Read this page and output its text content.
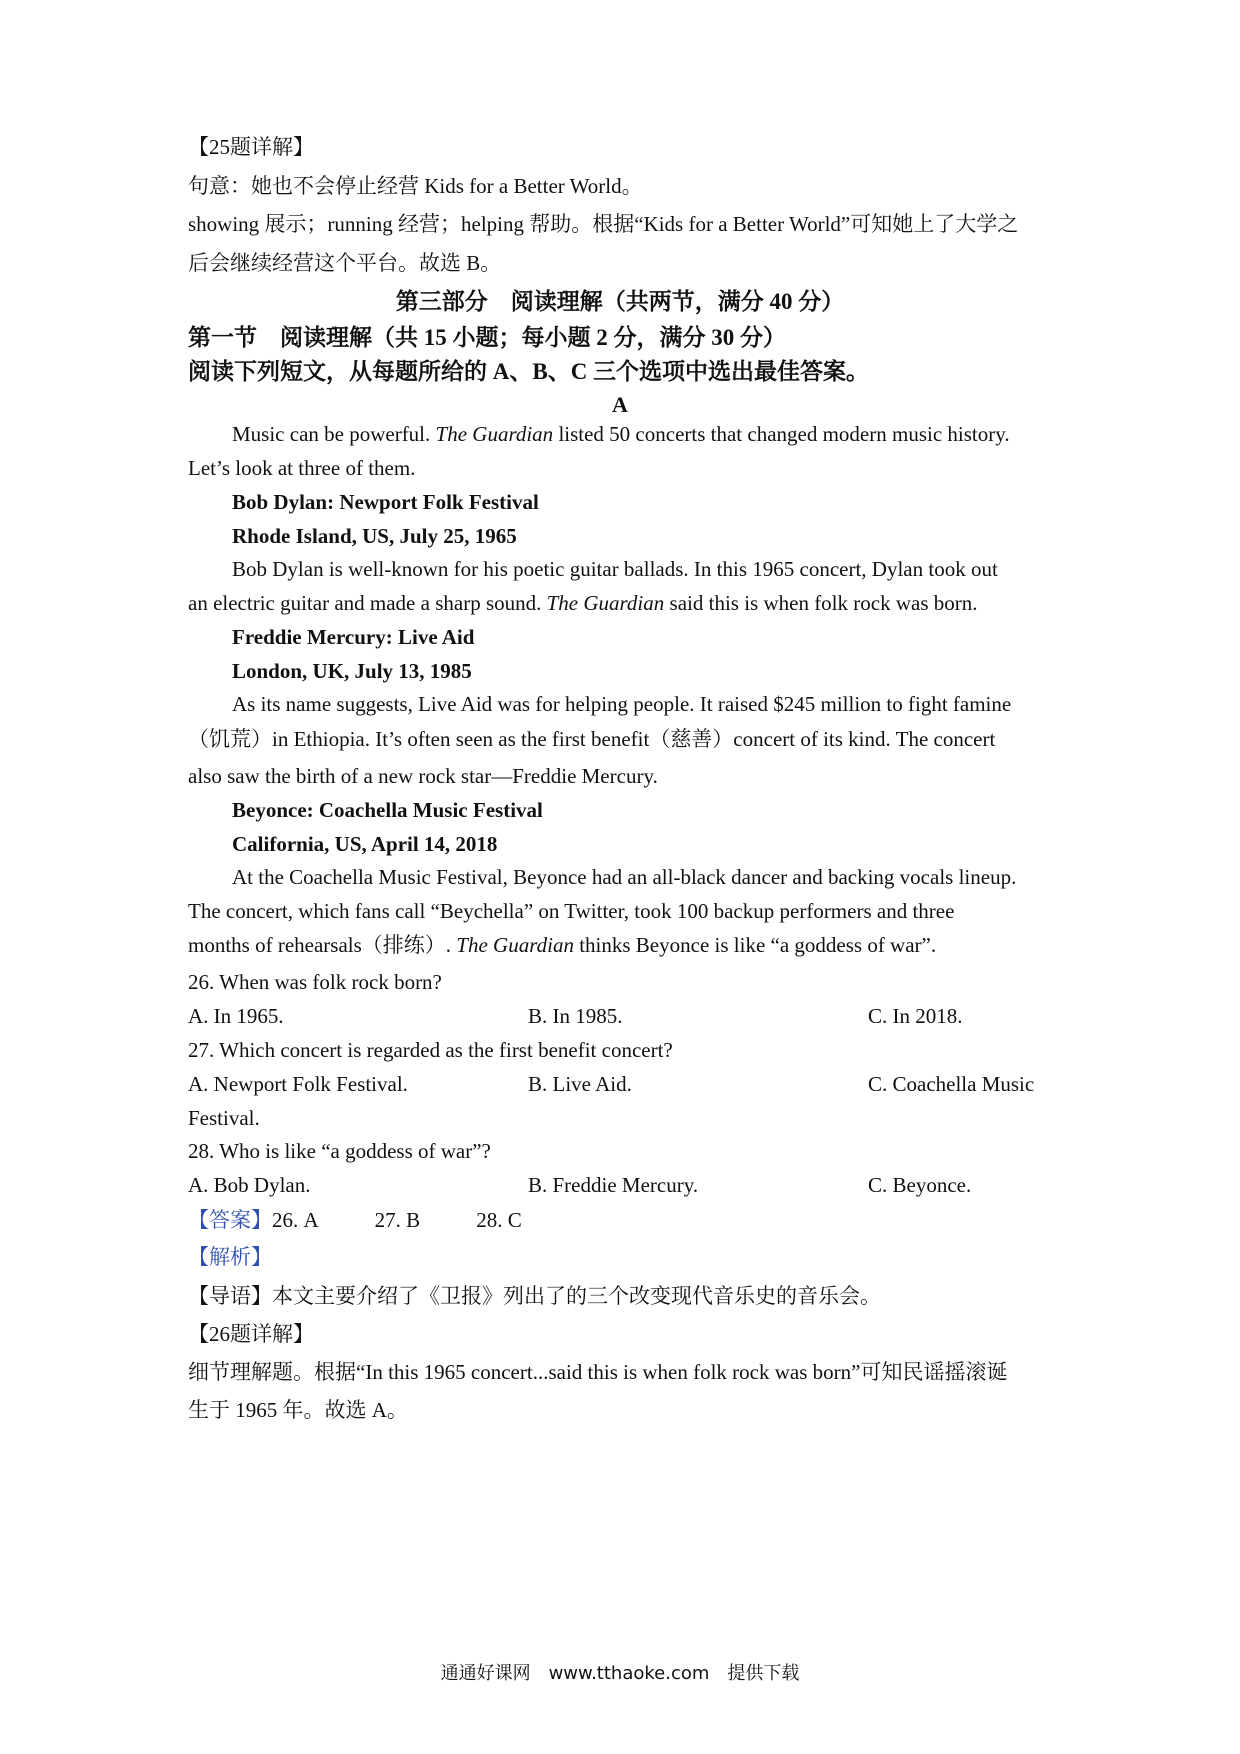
【25题详解】
句意：她也不会停止经营 Kids for a Better World。
showing 展示；running 经营；helping 帮助。根据“Kids for a Better World”可知她上了大学之
后会继续经营这个平台。故选 B。
第三部分　阅读理解（共两节，满分 40 分）
第一节　阅读理解（共 15 小题；每小题 2 分，满分 30 分）
阅读下列短文，从每题所给的 A、B、C 三个选项中选出最佳答案。
A
Music can be powerful. The Guardian listed 50 concerts that changed modern music history.
Let’s look at three of them.
Bob Dylan: Newport Folk Festival
Rhode Island, US, July 25, 1965
Bob Dylan is well-known for his poetic guitar ballads. In this 1965 concert, Dylan took out
an electric guitar and made a sharp sound. The Guardian said this is when folk rock was born.
Freddie Mercury: Live Aid
London, UK, July 13, 1985
As its name suggests, Live Aid was for helping people. It raised $245 million to fight famine
（饥荒）in Ethiopia. It’s often seen as the first benefit（慈善）concert of its kind. The concert
also saw the birth of a new rock star—Freddie Mercury.
Beyonce: Coachella Music Festival
California, US, April 14, 2018
At the Coachella Music Festival, Beyonce had an all-black dancer and backing vocals lineup.
The concert, which fans call “Beychella” on Twitter, took 100 backup performers and three
months of rehearsals（排练）. The Guardian thinks Beyonce is like “a goddess of war”.
26. When was folk rock born?
A. In 1965.	B. In 1985.	C. In 2018.
27. Which concert is regarded as the first benefit concert?
A. Newport Folk Festival.	B. Live Aid.	C. Coachella Music
Festival.
28. Who is like “a goddess of war”?
A. Bob Dylan.	B. Freddie Mercury.	C. Beyonce.
【答案】26. A	27. B	28. C
【解析】
【导语】本文主要介绍了《卫报》列出了的三个改变现代音乐史的音乐会。
【26题详解】
细节理解题。根据“In this 1965 concert...said this is when folk rock was born”可知民谣摇滚诞
生于 1965 年。故选 A。
通通好课网　www.tthaoke.com　提供下载
